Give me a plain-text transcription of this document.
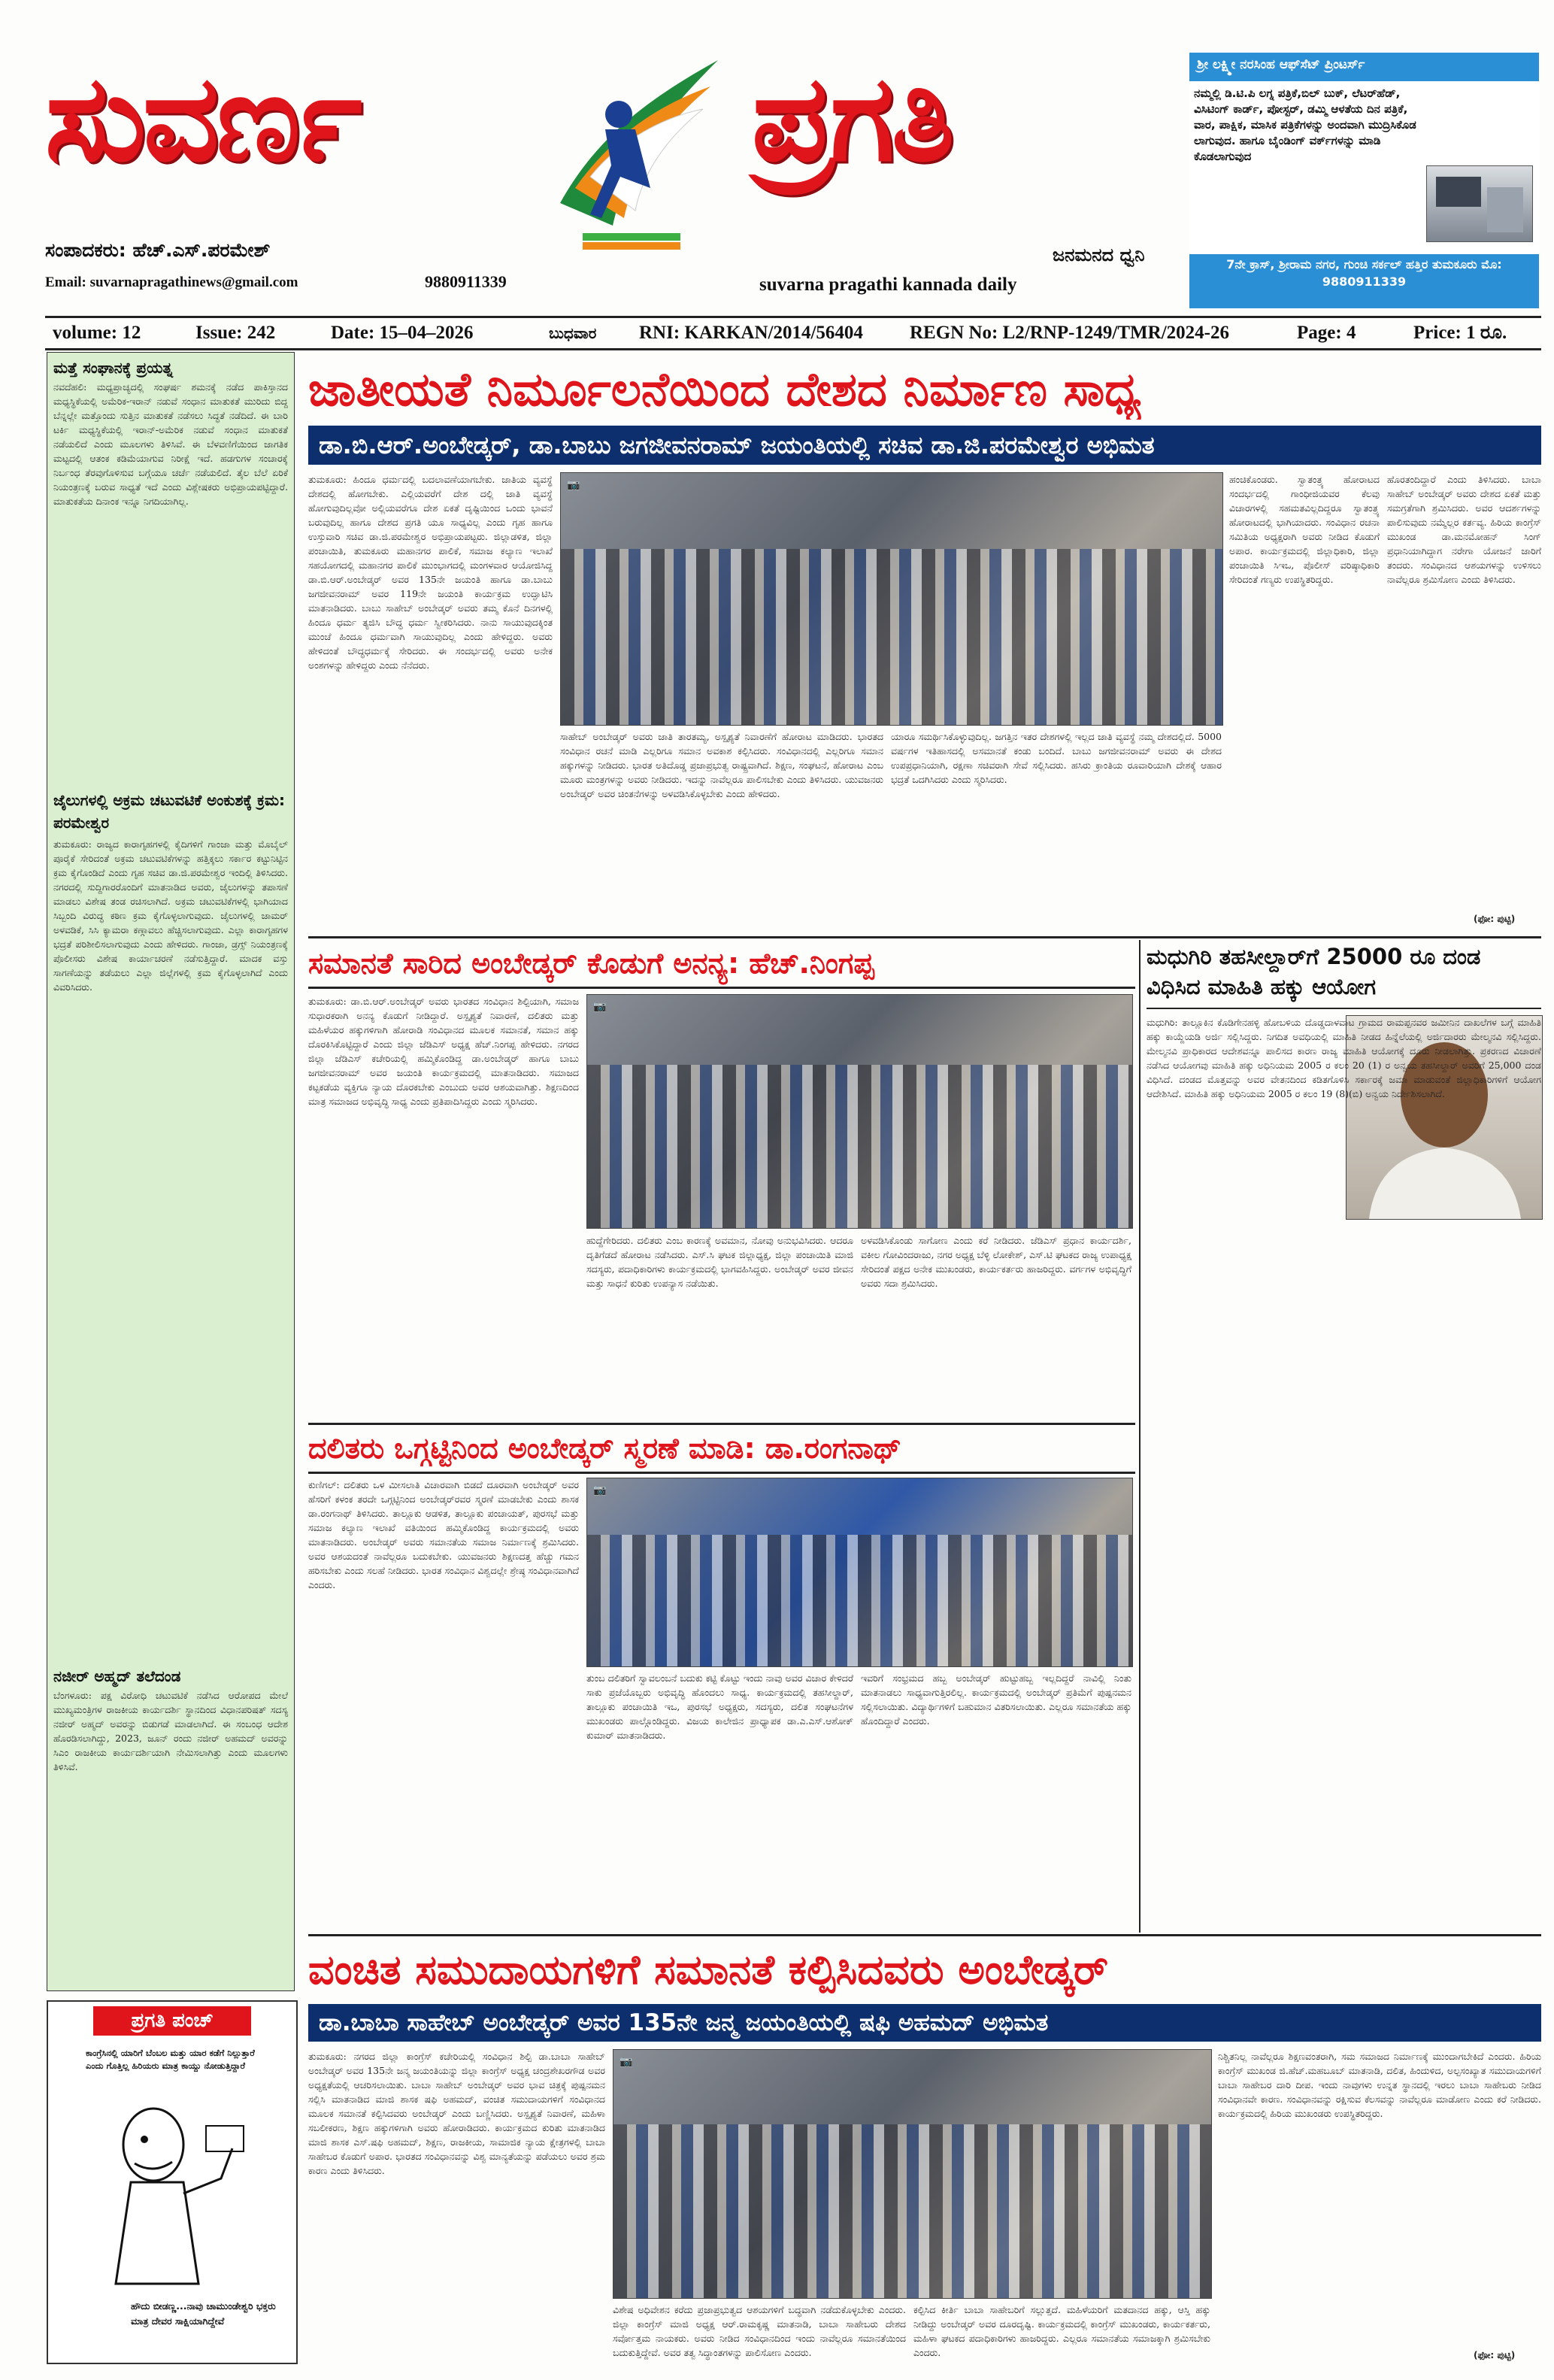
ಸುವರ್ಣ	ಪ್ರಗತಿ
ಸಂಪಾದಕರು: ಹೆಚ್.ಎಸ್.ಪರಮೇಶ್
Email: suvarnapragathinews@gmail.com	9880911339
ಜನಮನದ ಧ್ವನಿ
suvarna pragathi kannada daily
ಶ್ರೀ ಲಕ್ಷ್ಮೀ ನರಸಿಂಹ ಆಫ್‌ಸೆಟ್ ಪ್ರಿಂಟರ್ಸ್
ನಮ್ಮಲ್ಲಿ ಡಿ.ಟಿ.ಪಿ ಲಗ್ನ ಪತ್ರಿಕೆ,ಬಿಲ್ ಬುಕ್, ಲೆಟರ್‌ಹೆಡ್, ವಿಸಿಟಿಂಗ್ ಕಾರ್ಡ್, ಪೋಸ್ಟರ್, ಡಮ್ಮಿ ಆಳತೆಯ ದಿನ ಪತ್ರಿಕೆ, ವಾರ, ಪಾಕ್ಷಿಕ, ಮಾಸಿಕ ಪತ್ರಿಕೆಗಳನ್ನು ಅಂದವಾಗಿ ಮುದ್ರಿಸಿಕೊಡ ಲಾಗುವುದ. ಹಾಗೂ ಬೈಂಡಿಂಗ್ ವರ್ಕ್‌ಗಳನ್ನು ಮಾಡಿ ಕೊಡಲಾಗುವುದ
7ನೇ ಕ್ರಾಸ್, ಶ್ರೀರಾಮ ನಗರ, ಗುಂಚಿ ಸರ್ಕಲ್ ಹತ್ತಿರ ತುಮಕೂರು ಮೊ: 9880911339
volume: 12	Issue: 242	Date: 15–04–2026	ಬುಧವಾರ RNI: KARKAN/2014/56404 REGN No: L2/RNP-1249/TMR/2024-26	Page: 4	Price: 1 ರೂ.
ಮತ್ತೆ ಸಂಘಾನಕ್ಕೆ ಪ್ರಯತ್ನ
ನವದೆಹಲಿ: ಮಧ್ಯಪ್ರಾಚ್ಯದಲ್ಲಿ ಸಂಘರ್ಷ ಶಮನಕ್ಕೆ ನಡೆದ ಪಾಕಿಸ್ತಾನದ ಮಧ್ಯಸ್ಥಿಕೆಯಲ್ಲಿ ಅಮೆರಿಕ-ಇರಾನ್ ನಡುವೆ ಸಂಧಾನ ಮಾತುಕತೆ ಮುರಿದು ಬಿದ್ದ ಬೆನ್ನಲ್ಲೇ ಮತ್ತೊಂದು ಸುತ್ತಿನ ಮಾತುಕತೆ ನಡೆಸಲು ಸಿದ್ಧತೆ ನಡೆದಿದೆ. ಈ ಬಾರಿ ಟರ್ಕಿ ಮಧ್ಯಸ್ಥಿಕೆಯಲ್ಲಿ ಇರಾನ್-ಅಮೆರಿಕ ನಡುವೆ ಸಂಧಾನ ಮಾತುಕತೆ ನಡೆಯಲಿದೆ ಎಂದು ಮೂಲಗಳು ತಿಳಿಸಿವೆ. ಈ ಬೆಳವಣಿಗೆಯಿಂದ ಜಾಗತಿಕ ಮಟ್ಟದಲ್ಲಿ ಆತಂಕ ಕಡಿಮೆಯಾಗುವ ನಿರೀಕ್ಷೆ ಇದೆ. ಹಡಗುಗಳ ಸಂಚಾರಕ್ಕೆ ನಿರ್ಬಂಧ ತೆರವುಗೊಳಿಸುವ ಬಗ್ಗೆಯೂ ಚರ್ಚೆ ನಡೆಯಲಿದೆ. ತೈಲ ಬೆಲೆ ಏರಿಕೆ ನಿಯಂತ್ರಣಕ್ಕೆ ಬರುವ ಸಾಧ್ಯತೆ ಇದೆ ಎಂದು ವಿಶ್ಲೇಷಕರು ಅಭಿಪ್ರಾಯಪಟ್ಟಿದ್ದಾರೆ. ಮಾತುಕತೆಯ ದಿನಾಂಕ ಇನ್ನೂ ನಿಗದಿಯಾಗಿಲ್ಲ.
ಜೈಲುಗಳಲ್ಲಿ ಅಕ್ರಮ ಚಟುವಟಿಕೆ ಅಂಕುಶಕ್ಕೆ ಕ್ರಮ: ಪರಮೇಶ್ವರ
ತುಮಕೂರು: ರಾಜ್ಯದ ಕಾರಾಗೃಹಗಳಲ್ಲಿ ಕೈದಿಗಳಿಗೆ ಗಾಂಜಾ ಮತ್ತು ಮೊಬೈಲ್ ಪೂರೈಕೆ ಸೇರಿದಂತೆ ಅಕ್ರಮ ಚಟುವಟಿಕೆಗಳನ್ನು ಹತ್ತಿಕ್ಕಲು ಸರ್ಕಾರ ಕಟ್ಟುನಿಟ್ಟಿನ ಕ್ರಮ ಕೈಗೊಂಡಿದೆ ಎಂದು ಗೃಹ ಸಚಿವ ಡಾ.ಜಿ.ಪರಮೇಶ್ವರ ಇಂದಿಲ್ಲಿ ತಿಳಿಸಿದರು. ನಗರದಲ್ಲಿ ಸುದ್ದಿಗಾರರೊಂದಿಗೆ ಮಾತನಾಡಿದ ಅವರು, ಜೈಲುಗಳನ್ನು ತಪಾಸಣೆ ಮಾಡಲು ವಿಶೇಷ ತಂಡ ರಚಿಸಲಾಗಿದೆ. ಅಕ್ರಮ ಚಟುವಟಿಕೆಗಳಲ್ಲಿ ಭಾಗಿಯಾದ ಸಿಬ್ಬಂದಿ ವಿರುದ್ಧ ಕಠಿಣ ಕ್ರಮ ಕೈಗೊಳ್ಳಲಾಗುವುದು. ಜೈಲುಗಳಲ್ಲಿ ಜಾಮರ್ ಅಳವಡಿಕೆ, ಸಿಸಿ ಕ್ಯಾಮರಾ ಕಣ್ಗಾವಲು ಹೆಚ್ಚಿಸಲಾಗುವುದು. ಎಲ್ಲಾ ಕಾರಾಗೃಹಗಳ ಭದ್ರತೆ ಪರಿಶೀಲಿಸಲಾಗುವುದು ಎಂದು ಹೇಳಿದರು. ಗಾಂಜಾ, ಡ್ರಗ್ಸ್ ನಿಯಂತ್ರಣಕ್ಕೆ ಪೊಲೀಸರು ವಿಶೇಷ ಕಾರ್ಯಾಚರಣೆ ನಡೆಸುತ್ತಿದ್ದಾರೆ. ಮಾದಕ ವಸ್ತು ಸಾಗಣೆಯನ್ನು ತಡೆಯಲು ಎಲ್ಲಾ ಜಿಲ್ಲೆಗಳಲ್ಲಿ ಕ್ರಮ ಕೈಗೊಳ್ಳಲಾಗಿದೆ ಎಂದು ವಿವರಿಸಿದರು.
ನಜೀರ್ ಅಹ್ಮದ್ ತಲೆದಂಡ
ಬೆಂಗಳೂರು: ಪಕ್ಷ ವಿರೋಧಿ ಚಟುವಟಿಕೆ ನಡೆಸಿದ ಆರೋಪದ ಮೇಲೆ ಮುಖ್ಯಮಂತ್ರಿಗಳ ರಾಜಕೀಯ ಕಾರ್ಯದರ್ಶಿ ಸ್ಥಾನದಿಂದ ವಿಧಾನಪರಿಷತ್ ಸದಸ್ಯ ನಜೀರ್ ಅಹ್ಮದ್ ಅವರನ್ನು ಬಿಡುಗಡೆ ಮಾಡಲಾಗಿದೆ. ಈ ಸಂಬಂಧ ಆದೇಶ ಹೊರಡಿಸಲಾಗಿದ್ದು, 2023, ಜೂನ್ ರಂದು ನಜೀರ್ ಅಹಮದ್ ಅವರನ್ನು ಸಿಎಂ ರಾಜಕೀಯ ಕಾರ್ಯದರ್ಶಿಯಾಗಿ ನೇಮಿಸಲಾಗಿತ್ತು ಎಂದು ಮೂಲಗಳು ತಿಳಿಸಿವೆ.
ಪ್ರಗತಿ ಪಂಚ್
ಕಾಂಗ್ರೆಸಿನಲ್ಲಿ ಯಾರಿಗೆ ಬೆಂಬಲ ಮತ್ತು ಯಾರ ಕಡೆಗೆ ನಿಲ್ಲುತ್ತಾರೆ ಎಂದು ಗೊತ್ತಿಲ್ಲ ಹಿರಿಯರು ಮಾತ್ರ ಕಾಯ್ದು ನೋಡುತ್ತಿದ್ದಾರೆ
ಹೌದು ಬೀಡಣ್ಣ...ನಾವು ಚಾಮುಂಡೇಶ್ವರಿ ಭಕ್ತರು ಮಾತ್ರ ದೇವರ ಸಾಕ್ಷಿಯಾಗಿದ್ದೇವೆ
ಜಾತೀಯತೆ ನಿರ್ಮೂಲನೆಯಿಂದ ದೇಶದ ನಿರ್ಮಾಣ ಸಾಧ್ಯ
ಡಾ.ಬಿ.ಆರ್.ಅಂಬೇಡ್ಕರ್, ಡಾ.ಬಾಬು ಜಗಜೀವನರಾಮ್ ಜಯಂತಿಯಲ್ಲಿ ಸಚಿವ ಡಾ.ಜಿ.ಪರಮೇಶ್ವರ ಅಭಿಮತ
ತುಮಕೂರು: ಹಿಂದೂ ಧರ್ಮದಲ್ಲಿ ಬದಲಾವಣೆಯಾಗಬೇಕು. ಜಾತಿಯ ವ್ಯವಸ್ಥೆ ದೇಶದಲ್ಲಿ ಹೋಗಬೇಕು. ಎಲ್ಲಿಯವರೆಗೆ ದೇಶ ದಲ್ಲಿ ಜಾತಿ ವ್ಯವಸ್ಥೆ ಹೋಗುವುದಿಲ್ಲವೋ ಅಲ್ಲಿಯವರೆಗೂ ದೇಶ ಏಕತೆ ದೃಷ್ಟಿಯಿಂದ ಒಂದು ಭಾವನೆ ಬರುವುದಿಲ್ಲ ಹಾಗೂ ದೇಶದ ಪ್ರಗತಿ ಯೂ ಸಾಧ್ಯವಿಲ್ಲ ಎಂದು ಗೃಹ ಹಾಗೂ ಉಸ್ತುವಾರಿ ಸಚಿವ ಡಾ.ಜಿ.ಪರಮೇಶ್ವರ ಅಭಿಪ್ರಾಯಪಟ್ಟರು. ಜಿಲ್ಲಾಡಳಿತ, ಜಿಲ್ಲಾ ಪಂಚಾಯಿತಿ, ತುಮಕೂರು ಮಹಾನಗರ ಪಾಲಿಕೆ, ಸಮಾಜ ಕಲ್ಯಾಣ ಇಲಾಖೆ ಸಹಯೋಗದಲ್ಲಿ ಮಹಾನಗರ ಪಾಲಿಕೆ ಮುಂಭಾಗದಲ್ಲಿ ಮಂಗಳವಾರ ಆಯೋಜಿಸಿದ್ದ ಡಾ.ಬಿ.ಆರ್.ಅಂಬೇಡ್ಕರ್ ಅವರ 135ನೇ ಜಯಂತಿ ಹಾಗೂ ಡಾ.ಬಾಬು ಜಗಜೀವನರಾಮ್ ಅವರ 119ನೇ ಜಯಂತಿ ಕಾರ್ಯಕ್ರಮ ಉದ್ಘಾಟಿಸಿ ಮಾತನಾಡಿದರು. ಬಾಬು ಸಾಹೇಬ್ ಅಂಬೇಡ್ಕರ್ ಅವರು ತಮ್ಮ ಕೊನೆ ದಿನಗಳಲ್ಲಿ ಹಿಂದೂ ಧರ್ಮ ತ್ಯಜಿಸಿ ಬೌದ್ಧ ಧರ್ಮ ಸ್ವೀಕರಿಸಿದರು. ನಾನು ಸಾಯುವುದಕ್ಕಿಂತ ಮುಂಚೆ ಹಿಂದೂ ಧರ್ಮವಾಗಿ ಸಾಯುವುದಿಲ್ಲ ಎಂದು ಹೇಳಿದ್ದರು. ಅವರು ಹೇಳಿದಂತೆ ಬೌದ್ಧಧರ್ಮಕ್ಕೆ ಸೇರಿದರು. ಈ ಸಂದರ್ಭದಲ್ಲಿ ಅವರು ಅನೇಕ ಅಂಶಗಳನ್ನು ಹೇಳಿದ್ದರು ಎಂದು ನೆನೆದರು.
📷	ಹಂಚಿಕೊಂಡರು. ಸ್ವಾತಂತ್ರ್ಯ ಹೋರಾಟದ ಸಂದರ್ಭದಲ್ಲಿ ಗಾಂಧೀಜಿಯವರ ಕೆಲವು ವಿಚಾರಗಳಲ್ಲಿ ಸಹಮತವಿಲ್ಲದಿದ್ದರೂ ಸ್ವಾತಂತ್ರ್ಯ ಹೋರಾಟದಲ್ಲಿ ಭಾಗಿಯಾದರು. ಸಂವಿಧಾನ ರಚನಾ ಸಮಿತಿಯ ಅಧ್ಯಕ್ಷರಾಗಿ ಅವರು ನೀಡಿದ ಕೊಡುಗೆ ಅಪಾರ. ಕಾರ್ಯಕ್ರಮದಲ್ಲಿ ಜಿಲ್ಲಾಧಿಕಾರಿ, ಜಿಲ್ಲಾ ಪಂಚಾಯಿತಿ ಸಿಇಒ, ಪೊಲೀಸ್ ವರಿಷ್ಠಾಧಿಕಾರಿ ಸೇರಿದಂತೆ ಗಣ್ಯರು ಉಪಸ್ಥಿತರಿದ್ದರು.
ಹೊರತಂದಿದ್ದಾರೆ ಎಂದು ತಿಳಿಸಿದರು. ಬಾಬಾ ಸಾಹೇಬ್ ಅಂಬೇಡ್ಕರ್ ಅವರು ದೇಶದ ಏಕತೆ ಮತ್ತು ಸಮಗ್ರತೆಗಾಗಿ ಶ್ರಮಿಸಿದರು. ಅವರ ಆದರ್ಶಗಳನ್ನು ಪಾಲಿಸುವುದು ನಮ್ಮೆಲ್ಲರ ಕರ್ತವ್ಯ. ಹಿರಿಯ ಕಾಂಗ್ರೆಸ್ ಮುಖಂಡ ಡಾ.ಮನಮೋಹನ್ ಸಿಂಗ್ ಪ್ರಧಾನಿಯಾಗಿದ್ದಾಗ ನರೇಗಾ ಯೋಜನೆ ಜಾರಿಗೆ ತಂದರು. ಸಂವಿಧಾನದ ಆಶಯಗಳನ್ನು ಉಳಿಸಲು ನಾವೆಲ್ಲರೂ ಶ್ರಮಿಸೋಣ ಎಂದು ತಿಳಿಸಿದರು.
ಸಾಹೇಬ್ ಅಂಬೇಡ್ಕರ್ ಅವರು ಜಾತಿ ತಾರತಮ್ಯ, ಅಸ್ಪೃಶ್ಯತೆ ನಿವಾರಣೆಗೆ ಹೋರಾಟ ಮಾಡಿದರು. ಭಾರತದ ಸಂವಿಧಾನ ರಚನೆ ಮಾಡಿ ಎಲ್ಲರಿಗೂ ಸಮಾನ ಅವಕಾಶ ಕಲ್ಪಿಸಿದರು. ಸಂವಿಧಾನದಲ್ಲಿ ಎಲ್ಲರಿಗೂ ಸಮಾನ ಹಕ್ಕುಗಳನ್ನು ನೀಡಿದರು. ಭಾರತ ಅತಿದೊಡ್ಡ ಪ್ರಜಾಪ್ರಭುತ್ವ ರಾಷ್ಟ್ರವಾಗಿದೆ. ಶಿಕ್ಷಣ, ಸಂಘಟನೆ, ಹೋರಾಟ ಎಂಬ ಮೂರು ಮಂತ್ರಗಳನ್ನು ಅವರು ನೀಡಿದರು. ಇದನ್ನು ನಾವೆಲ್ಲರೂ ಪಾಲಿಸಬೇಕು ಎಂದು ತಿಳಿಸಿದರು. ಯುವಜನರು ಅಂಬೇಡ್ಕರ್ ಅವರ ಚಿಂತನೆಗಳನ್ನು ಅಳವಡಿಸಿಕೊಳ್ಳಬೇಕು ಎಂದು ಹೇಳಿದರು.
ಯಾರೂ ಸಮರ್ಥಿಸಿಕೊಳ್ಳುವುದಿಲ್ಲ. ಜಗತ್ತಿನ ಇತರ ದೇಶಗಳಲ್ಲಿ ಇಲ್ಲದ ಜಾತಿ ವ್ಯವಸ್ಥೆ ನಮ್ಮ ದೇಶದಲ್ಲಿದೆ. 5000 ವರ್ಷಗಳ ಇತಿಹಾಸದಲ್ಲಿ ಅಸಮಾನತೆ ಕಂಡು ಬಂದಿದೆ. ಬಾಬು ಜಗಜೀವನರಾಮ್ ಅವರು ಈ ದೇಶದ ಉಪಪ್ರಧಾನಿಯಾಗಿ, ರಕ್ಷಣಾ ಸಚಿವರಾಗಿ ಸೇವೆ ಸಲ್ಲಿಸಿದರು. ಹಸಿರು ಕ್ರಾಂತಿಯ ರೂವಾರಿಯಾಗಿ ದೇಶಕ್ಕೆ ಆಹಾರ ಭದ್ರತೆ ಒದಗಿಸಿದರು ಎಂದು ಸ್ಮರಿಸಿದರು.
(ಫೋ: ಪುಟ್ಟಿ)
ಸಮಾನತೆ ಸಾರಿದ ಅಂಬೇಡ್ಕರ್ ಕೊಡುಗೆ ಅನನ್ಯ: ಹೆಚ್.ನಿಂಗಪ್ಪ
ತುಮಕೂರು: ಡಾ.ಬಿ.ಆರ್.ಅಂಬೇಡ್ಕರ್ ಅವರು ಭಾರತದ ಸಂವಿಧಾನ ಶಿಲ್ಪಿಯಾಗಿ, ಸಮಾಜ ಸುಧಾರಕರಾಗಿ ಅನನ್ಯ ಕೊಡುಗೆ ನೀಡಿದ್ದಾರೆ. ಅಸ್ಪೃಶ್ಯತೆ ನಿವಾರಣೆ, ದಲಿತರು ಮತ್ತು ಮಹಿಳೆಯರ ಹಕ್ಕುಗಳಿಗಾಗಿ ಹೋರಾಡಿ ಸಂವಿಧಾನದ ಮೂಲಕ ಸಮಾನತೆ, ಸಮಾನ ಹಕ್ಕು ದೊರಕಿಸಿಕೊಟ್ಟಿದ್ದಾರೆ ಎಂದು ಜಿಲ್ಲಾ ಜೆಡಿಎಸ್ ಅಧ್ಯಕ್ಷ ಹೆಚ್.ನಿಂಗಪ್ಪ ಹೇಳಿದರು. ನಗರದ ಜಿಲ್ಲಾ ಜೆಡಿಎಸ್ ಕಚೇರಿಯಲ್ಲಿ ಹಮ್ಮಿಕೊಂಡಿದ್ದ ಡಾ.ಅಂಬೇಡ್ಕರ್ ಹಾಗೂ ಬಾಬು ಜಗಜೀವನರಾಮ್ ಅವರ ಜಯಂತಿ ಕಾರ್ಯಕ್ರಮದಲ್ಲಿ ಮಾತನಾಡಿದರು. ಸಮಾಜದ ಕಟ್ಟಕಡೆಯ ವ್ಯಕ್ತಿಗೂ ನ್ಯಾಯ ದೊರಕಬೇಕು ಎಂಬುದು ಅವರ ಆಶಯವಾಗಿತ್ತು. ಶಿಕ್ಷಣದಿಂದ ಮಾತ್ರ ಸಮಾಜದ ಅಭಿವೃದ್ಧಿ ಸಾಧ್ಯ ಎಂದು ಪ್ರತಿಪಾದಿಸಿದ್ದರು ಎಂದು ಸ್ಮರಿಸಿದರು.
📷
ಹುದ್ದೆಗೇರಿದರು. ದಲಿತರು ಎಂಬ ಕಾರಣಕ್ಕೆ ಅವಮಾನ, ನೋವು ಅನುಭವಿಸಿದರು. ಆದರೂ ದೃತಿಗೆಡದೆ ಹೋರಾಟ ನಡೆಸಿದರು. ಎಸ್.ಸಿ ಘಟಕ ಜಿಲ್ಲಾಧ್ಯಕ್ಷ, ಜಿಲ್ಲಾ ಪಂಚಾಯಿತಿ ಮಾಜಿ ಸದಸ್ಯರು, ಪದಾಧಿಕಾರಿಗಳು ಕಾರ್ಯಕ್ರಮದಲ್ಲಿ ಭಾಗವಹಿಸಿದ್ದರು. ಅಂಬೇಡ್ಕರ್ ಅವರ ಜೀವನ ಮತ್ತು ಸಾಧನೆ ಕುರಿತು ಉಪನ್ಯಾಸ ನಡೆಯಿತು.
ಅಳವಡಿಸಿಕೊಂಡು ಸಾಗೋಣ ಎಂದು ಕರೆ ನೀಡಿದರು. ಜೆಡಿಎಸ್ ಪ್ರಧಾನ ಕಾರ್ಯದರ್ಶಿ, ವಕೀಲ ಗೋವಿಂದರಾಜು, ನಗರ ಅಧ್ಯಕ್ಷ ಬೆಳ್ಳಿ ಲೋಕೇಶ್, ಎಸ್.ಟಿ ಘಟಕದ ರಾಜ್ಯ ಉಪಾಧ್ಯಕ್ಷ ಸೇರಿದಂತೆ ಪಕ್ಷದ ಅನೇಕ ಮುಖಂಡರು, ಕಾರ್ಯಕರ್ತರು ಹಾಜರಿದ್ದರು. ವರ್ಗಗಳ ಅಭಿವೃದ್ಧಿಗೆ ಅವರು ಸದಾ ಶ್ರಮಿಸಿದರು.
ಮಧುಗಿರಿ ತಹಸೀಲ್ದಾರ್‌ಗೆ 25000 ರೂ ದಂಡ ವಿಧಿಸಿದ ಮಾಹಿತಿ ಹಕ್ಕು ಆಯೋಗ
ಮಧುಗಿರಿ: ತಾಲ್ಲೂಕಿನ ಕೊಡಿಗೇನಹಳ್ಳಿ ಹೋಬಳಿಯ ದೊಡ್ಡದಾಳವಾಟ ಗ್ರಾಮದ ರಾಮಪ್ಪನವರ ಜಮೀನಿನ ದಾಖಲೆಗಳ ಬಗ್ಗೆ ಮಾಹಿತಿ ಹಕ್ಕು ಕಾಯ್ದೆಯಡಿ ಅರ್ಜಿ ಸಲ್ಲಿಸಿದ್ದರು. ನಿಗದಿತ ಅವಧಿಯಲ್ಲಿ ಮಾಹಿತಿ ನೀಡದ ಹಿನ್ನೆಲೆಯಲ್ಲಿ ಅರ್ಜಿದಾರರು ಮೇಲ್ಮನವಿ ಸಲ್ಲಿಸಿದ್ದರು. ಮೇಲ್ಮನವಿ ಪ್ರಾಧಿಕಾರದ ಆದೇಶವನ್ನೂ ಪಾಲಿಸದ ಕಾರಣ ರಾಜ್ಯ ಮಾಹಿತಿ ಆಯೋಗಕ್ಕೆ ದೂರು ನೀಡಲಾಗಿತ್ತು. ಪ್ರಕರಣದ ವಿಚಾರಣೆ ನಡೆಸಿದ ಆಯೋಗವು ಮಾಹಿತಿ ಹಕ್ಕು ಅಧಿನಿಯಮ 2005 ರ ಕಲಂ 20 (1) ರ ಅನ್ವಯ ತಹಸೀಲ್ದಾರ್ ಅವರಿಗೆ 25,000 ದಂಡ ವಿಧಿಸಿದೆ. ದಂಡದ ಮೊತ್ತವನ್ನು ಅವರ ವೇತನದಿಂದ ಕಡಿತಗೊಳಿಸಿ ಸರ್ಕಾರಕ್ಕೆ ಜಮಾ ಮಾಡುವಂತೆ ಜಿಲ್ಲಾಧಿಕಾರಿಗಳಿಗೆ ಆಯೋಗ ಆದೇಶಿಸಿದೆ. ಮಾಹಿತಿ ಹಕ್ಕು ಅಧಿನಿಯಮ 2005 ರ ಕಲಂ 19 (8)(ಬಿ) ಅನ್ವಯ ನಿರ್ದೇಶಿಸಲಾಗಿದೆ.
ದಲಿತರು ಒಗ್ಗಟ್ಟಿನಿಂದ ಅಂಬೇಡ್ಕರ್ ಸ್ಮರಣೆ ಮಾಡಿ: ಡಾ.ರಂಗನಾಥ್
📷
ಕುಣಿಗಲ್: ದಲಿತರು ಒಳ ಮೀಸಲಾತಿ ವಿಚಾರವಾಗಿ ಬಿಡದೆ ದೂರವಾಗಿ ಅಂಬೇಡ್ಕರ್ ಅವರ ಹೆಸರಿಗೆ ಕಳಂಕ ತರದೇ ಒಗ್ಗಟ್ಟಿನಿಂದ ಅಂಬೇಡ್ಕರ್‌ರವರ ಸ್ಮರಣೆ ಮಾಡಬೇಕು ಎಂದು ಶಾಸಕ ಡಾ.ರಂಗನಾಥ್ ತಿಳಿಸಿದರು. ತಾಲ್ಲೂಕು ಆಡಳಿತ, ತಾಲ್ಲೂಕು ಪಂಚಾಯತ್, ಪುರಸಭೆ ಮತ್ತು ಸಮಾಜ ಕಲ್ಯಾಣ ಇಲಾಖೆ ವತಿಯಿಂದ ಹಮ್ಮಿಕೊಂಡಿದ್ದ ಕಾರ್ಯಕ್ರಮದಲ್ಲಿ ಅವರು ಮಾತನಾಡಿದರು. ಅಂಬೇಡ್ಕರ್ ಅವರು ಸಮಾನತೆಯ ಸಮಾಜ ನಿರ್ಮಾಣಕ್ಕೆ ಶ್ರಮಿಸಿದರು. ಅವರ ಆಶಯದಂತೆ ನಾವೆಲ್ಲರೂ ಬದುಕಬೇಕು. ಯುವಜನರು ಶಿಕ್ಷಣದತ್ತ ಹೆಚ್ಚು ಗಮನ ಹರಿಸಬೇಕು ಎಂದು ಸಲಹೆ ನೀಡಿದರು. ಭಾರತ ಸಂವಿಧಾನ ವಿಶ್ವದಲ್ಲೇ ಶ್ರೇಷ್ಠ ಸಂವಿಧಾನವಾಗಿದೆ ಎಂದರು.
ತುಂಬ ದಲಿತರಿಗೆ ಸ್ವಾವಲಂಬನೆ ಬದುಕು ಕಟ್ಟಿ ಕೊಟ್ಟು ಇಂದು ನಾವು ಅವರ ವಿಚಾರ ಕೇಳಿದರೆ ಸಾಕು ಪ್ರಜೆಯೊಬ್ಬರು ಅಭಿವೃದ್ಧಿ ಹೊಂದಲು ಸಾಧ್ಯ. ಕಾರ್ಯಕ್ರಮದಲ್ಲಿ ತಹಸೀಲ್ದಾರ್, ತಾಲ್ಲೂಕು ಪಂಚಾಯಿತಿ ಇಒ, ಪುರಸಭೆ ಅಧ್ಯಕ್ಷರು, ಸದಸ್ಯರು, ದಲಿತ ಸಂಘಟನೆಗಳ ಮುಖಂಡರು ಪಾಲ್ಗೊಂಡಿದ್ದರು. ವಿಜಯ ಕಾಲೇಜಿನ ಪ್ರಾಧ್ಯಾಪಕ ಡಾ.ಎ.ಎಸ್.ಆಶೋಕ್ ಕುಮಾರ್ ಮಾತನಾಡಿದರು.
ಇವರಿಗೆ ಸಂಭ್ರಮದ ಹಬ್ಬ ಅಂಬೇಡ್ಕರ್ ಹುಟ್ಟುಹಬ್ಬ ಇಲ್ಲದಿದ್ದರೆ ನಾವಿಲ್ಲಿ ನಿಂತು ಮಾತನಾಡಲು ಸಾಧ್ಯವಾಗುತ್ತಿರಲಿಲ್ಲ. ಕಾರ್ಯಕ್ರಮದಲ್ಲಿ ಅಂಬೇಡ್ಕರ್ ಪ್ರತಿಮೆಗೆ ಪುಷ್ಪನಮನ ಸಲ್ಲಿಸಲಾಯಿತು. ವಿದ್ಯಾರ್ಥಿಗಳಿಗೆ ಬಹುಮಾನ ವಿತರಿಸಲಾಯಿತು. ಎಲ್ಲರೂ ಸಮಾನತೆಯ ಹಕ್ಕು ಹೊಂದಿದ್ದಾರೆ ಎಂದರು.
ವಂಚಿತ ಸಮುದಾಯಗಳಿಗೆ ಸಮಾನತೆ ಕಲ್ಪಿಸಿದವರು ಅಂಬೇಡ್ಕರ್
ಡಾ.ಬಾಬಾ ಸಾಹೇಬ್ ಅಂಬೇಡ್ಕರ್ ಅವರ 135ನೇ ಜನ್ಮ ಜಯಂತಿಯಲ್ಲಿ ಷಫಿ ಅಹಮದ್ ಅಭಿಮತ
ತುಮಕೂರು: ನಗರದ ಜಿಲ್ಲಾ ಕಾಂಗ್ರೆಸ್ ಕಚೇರಿಯಲ್ಲಿ ಸಂವಿಧಾನ ಶಿಲ್ಪಿ ಡಾ.ಬಾಬಾ ಸಾಹೇಬ್ ಅಂಬೇಡ್ಕರ್ ಅವರ 135ನೇ ಜನ್ಮ ಜಯಂತಿಯನ್ನು ಜಿಲ್ಲಾ ಕಾಂಗ್ರೆಸ್ ಅಧ್ಯಕ್ಷ ಚಂದ್ರಶೇಖರಗೌಡ ಅವರ ಅಧ್ಯಕ್ಷತೆಯಲ್ಲಿ ಆಚರಿಸಲಾಯಿತು. ಬಾಬಾ ಸಾಹೇಬ್ ಅಂಬೇಡ್ಕರ್ ಅವರ ಭಾವ ಚಿತ್ರಕ್ಕೆ ಪುಷ್ಪನಮನ ಸಲ್ಲಿಸಿ ಮಾತನಾಡಿದ ಮಾಜಿ ಶಾಸಕ ಷಫಿ ಅಹಮದ್, ವಂಚಿತ ಸಮುದಾಯಗಳಿಗೆ ಸಂವಿಧಾನದ ಮೂಲಕ ಸಮಾನತೆ ಕಲ್ಪಿಸಿದವರು ಅಂಬೇಡ್ಕರ್ ಎಂದು ಬಣ್ಣಿಸಿದರು. ಅಸ್ಪೃಶ್ಯತೆ ನಿವಾರಣೆ, ಮಹಿಳಾ ಸಬಲೀಕರಣ, ಶಿಕ್ಷಣ ಹಕ್ಕುಗಳಿಗಾಗಿ ಅವರು ಹೋರಾಡಿದರು. ಕಾರ್ಯಕ್ರಮದ ಕುರಿತು ಮಾತನಾಡಿದ ಮಾಜಿ ಶಾಸಕ ಎಸ್.ಷಫಿ ಅಹಮದ್, ಶಿಕ್ಷಣ, ರಾಜಕೀಯ, ಸಾಮಾಜಿಕ ನ್ಯಾಯ ಕ್ಷೇತ್ರಗಳಲ್ಲಿ ಬಾಬಾ ಸಾಹೇಬರ ಕೊಡುಗೆ ಅಪಾರ. ಭಾರತದ ಸಂವಿಧಾನವನ್ನು ವಿಶ್ವ ಮಾನ್ಯತೆಯನ್ನು ಪಡೆಯಲು ಅವರ ಶ್ರಮ ಕಾರಣ ಎಂದು ತಿಳಿಸಿದರು.
📷
ವಿಶೇಷ ಅಧಿವೇಶನ ಕರೆದು ಪ್ರಜಾಪ್ರಭುತ್ವದ ಆಶಯಗಳಿಗೆ ಬದ್ಧವಾಗಿ ನಡೆದುಕೊಳ್ಳಬೇಕು ಎಂದರು. ಜಿಲ್ಲಾ ಕಾಂಗ್ರೆಸ್ ಮಾಜಿ ಅಧ್ಯಕ್ಷ ಆರ್.ರಾಮಕೃಷ್ಣ ಮಾತನಾಡಿ, ಬಾಬಾ ಸಾಹೇಬರು ದೇಶದ ಸರ್ವೋತ್ತಮ ನಾಯಕರು. ಅವರು ನೀಡಿದ ಸಂವಿಧಾನದಿಂದ ಇಂದು ನಾವೆಲ್ಲರೂ ಸಮಾನತೆಯಿಂದ ಬದುಕುತ್ತಿದ್ದೇವೆ. ಅವರ ತತ್ವ ಸಿದ್ಧಾಂತಗಳನ್ನು ಪಾಲಿಸೋಣ ಎಂದರು.
ಕಲ್ಪಿಸಿದ ಕೀರ್ತಿ ಬಾಬಾ ಸಾಹೇಬರಿಗೆ ಸಲ್ಲುತ್ತದೆ. ಮಹಿಳೆಯರಿಗೆ ಮತದಾನದ ಹಕ್ಕು, ಆಸ್ತಿ ಹಕ್ಕು ನೀಡಿದ್ದು ಅಂಬೇಡ್ಕರ್ ಅವರ ದೂರದೃಷ್ಟಿ. ಕಾರ್ಯಕ್ರಮದಲ್ಲಿ ಕಾಂಗ್ರೆಸ್ ಮುಖಂಡರು, ಕಾರ್ಯಕರ್ತರು, ಮಹಿಳಾ ಘಟಕದ ಪದಾಧಿಕಾರಿಗಳು ಹಾಜರಿದ್ದರು. ಎಲ್ಲರೂ ಸಮಾನತೆಯ ಸಮಾಜಕ್ಕಾಗಿ ಶ್ರಮಿಸಬೇಕು ಎಂದರು.
ನಿಶ್ಚಿತನಿಲ್ಲ ನಾವೆಲ್ಲರೂ ಶಿಕ್ಷಣವಂತರಾಗಿ, ಸಮ ಸಮಾಜದ ನಿರ್ಮಾಣಕ್ಕೆ ಮುಂದಾಗಬೇಕಿದೆ ಎಂದರು. ಹಿರಿಯ ಕಾಂಗ್ರೆಸ್ ಮುಖಂಡ ಜಿ.ಹೆಚ್.ಮಹಬೂಬ್ ಮಾತನಾಡಿ, ದಲಿತ, ಹಿಂದುಳಿದ, ಅಲ್ಪಸಂಖ್ಯಾತ ಸಮುದಾಯಗಳಿಗೆ ಬಾಬಾ ಸಾಹೇಬರ ದಾರಿ ದೀಪ. ಇಂದು ನಾವುಗಳು ಉನ್ನತ ಸ್ಥಾನದಲ್ಲಿ ಇರಲು ಬಾಬಾ ಸಾಹೇಬರು ನೀಡಿದ ಸಂವಿಧಾನವೇ ಕಾರಣ. ಸಂವಿಧಾನವನ್ನು ರಕ್ಷಿಸುವ ಕೆಲಸವನ್ನು ನಾವೆಲ್ಲರೂ ಮಾಡೋಣ ಎಂದು ಕರೆ ನೀಡಿದರು. ಕಾರ್ಯಕ್ರಮದಲ್ಲಿ ಹಿರಿಯ ಮುಖಂಡರು ಉಪಸ್ಥಿತರಿದ್ದರು.
(ಫೋ: ಪುಟ್ಟಿ)
